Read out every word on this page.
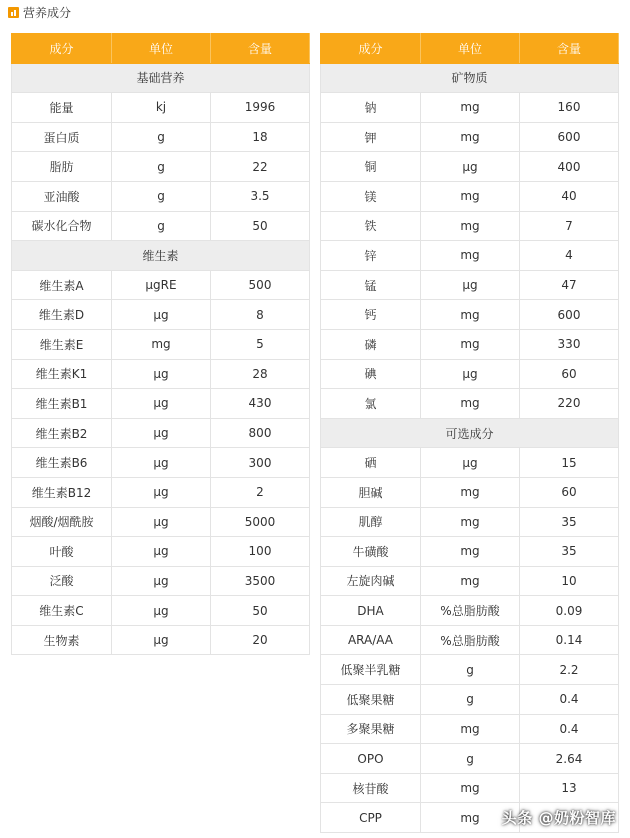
营养成分
成分	单位	含量
基础营养		
能量	kj	1996
蛋白质	g	18
脂肪	g	22
亚油酸	g	3.5
碳水化合物	g	50
维生素		
维生素A	μgRE	500
维生素D	μg	8
维生素E	mg	5
维生素K1	μg	28
维生素B1	μg	430
维生素B2	μg	800
维生素B6	μg	300
维生素B12	μg	2
烟酸/烟酰胺	μg	5000
叶酸	μg	100
泛酸	μg	3500
维生素C	μg	50
生物素	μg	20
成分	单位	含量
矿物质		
钠	mg	160
钾	mg	600
铜	μg	400
镁	mg	40
铁	mg	7
锌	mg	4
锰	μg	47
钙	mg	600
磷	mg	330
碘	μg	60
氯	mg	220
可选成分		
硒	μg	15
胆碱	mg	60
肌醇	mg	35
牛磺酸	mg	35
左旋肉碱	mg	10
DHA	%总脂肪酸	0.09
ARA/AA	%总脂肪酸	0.14
低聚半乳糖	g	2.2
低聚果糖	g	0.4
多聚果糖	mg	0.4
OPO	g	2.64
核苷酸	mg	13
CPP	mg	头条 @奶粉智库
